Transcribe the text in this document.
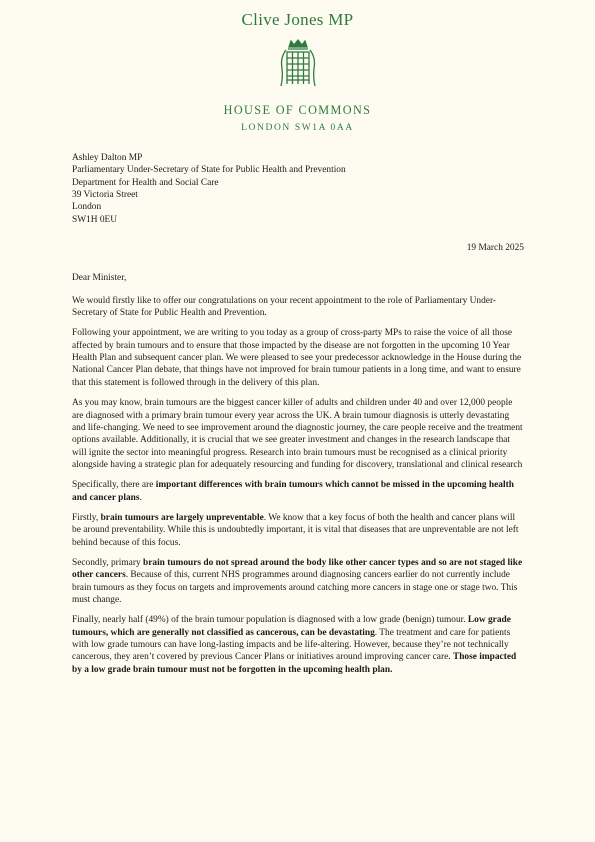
Clive Jones MP
HOUSE OF COMMONS
LONDON SW1A 0AA
Ashley Dalton MP
Parliamentary Under-Secretary of State for Public Health and Prevention
Department for Health and Social Care
39 Victoria Street
London
SW1H 0EU
19 March 2025
Dear Minister,

We would firstly like to offer our congratulations on your recent appointment to the role of Parliamentary Under-Secretary of State for Public Health and Prevention.

Following your appointment, we are writing to you today as a group of cross-party MPs to raise the voice of all those affected by brain tumours and to ensure that those impacted by the disease are not forgotten in the upcoming 10 Year Health Plan and subsequent cancer plan. We were pleased to see your predecessor acknowledge in the House during the National Cancer Plan debate, that things have not improved for brain tumour patients in a long time, and want to ensure that this statement is followed through in the delivery of this plan.

As you may know, brain tumours are the biggest cancer killer of adults and children under 40 and over 12,000 people are diagnosed with a primary brain tumour every year across the UK. A brain tumour diagnosis is utterly devastating and life-changing. We need to see improvement around the diagnostic journey, the care people receive and the treatment options available. Additionally, it is crucial that we see greater investment and changes in the research landscape that will ignite the sector into meaningful progress. Research into brain tumours must be recognised as a clinical priority alongside having a strategic plan for adequately resourcing and funding for discovery, translational and clinical research

Specifically, there are important differences with brain tumours which cannot be missed in the upcoming health and cancer plans.

Firstly, brain tumours are largely unpreventable. We know that a key focus of both the health and cancer plans will be around preventability. While this is undoubtedly important, it is vital that diseases that are unpreventable are not left behind because of this focus.

Secondly, primary brain tumours do not spread around the body like other cancer types and so are not staged like other cancers. Because of this, current NHS programmes around diagnosing cancers earlier do not currently include brain tumours as they focus on targets and improvements around catching more cancers in stage one or stage two. This must change.

Finally, nearly half (49%) of the brain tumour population is diagnosed with a low grade (benign) tumour. Low grade tumours, which are generally not classified as cancerous, can be devastating. The treatment and care for patients with low grade tumours can have long-lasting impacts and be life-altering. However, because they’re not technically cancerous, they aren’t covered by previous Cancer Plans or initiatives around improving cancer care. Those impacted by a low grade brain tumour must not be forgotten in the upcoming health plan.
